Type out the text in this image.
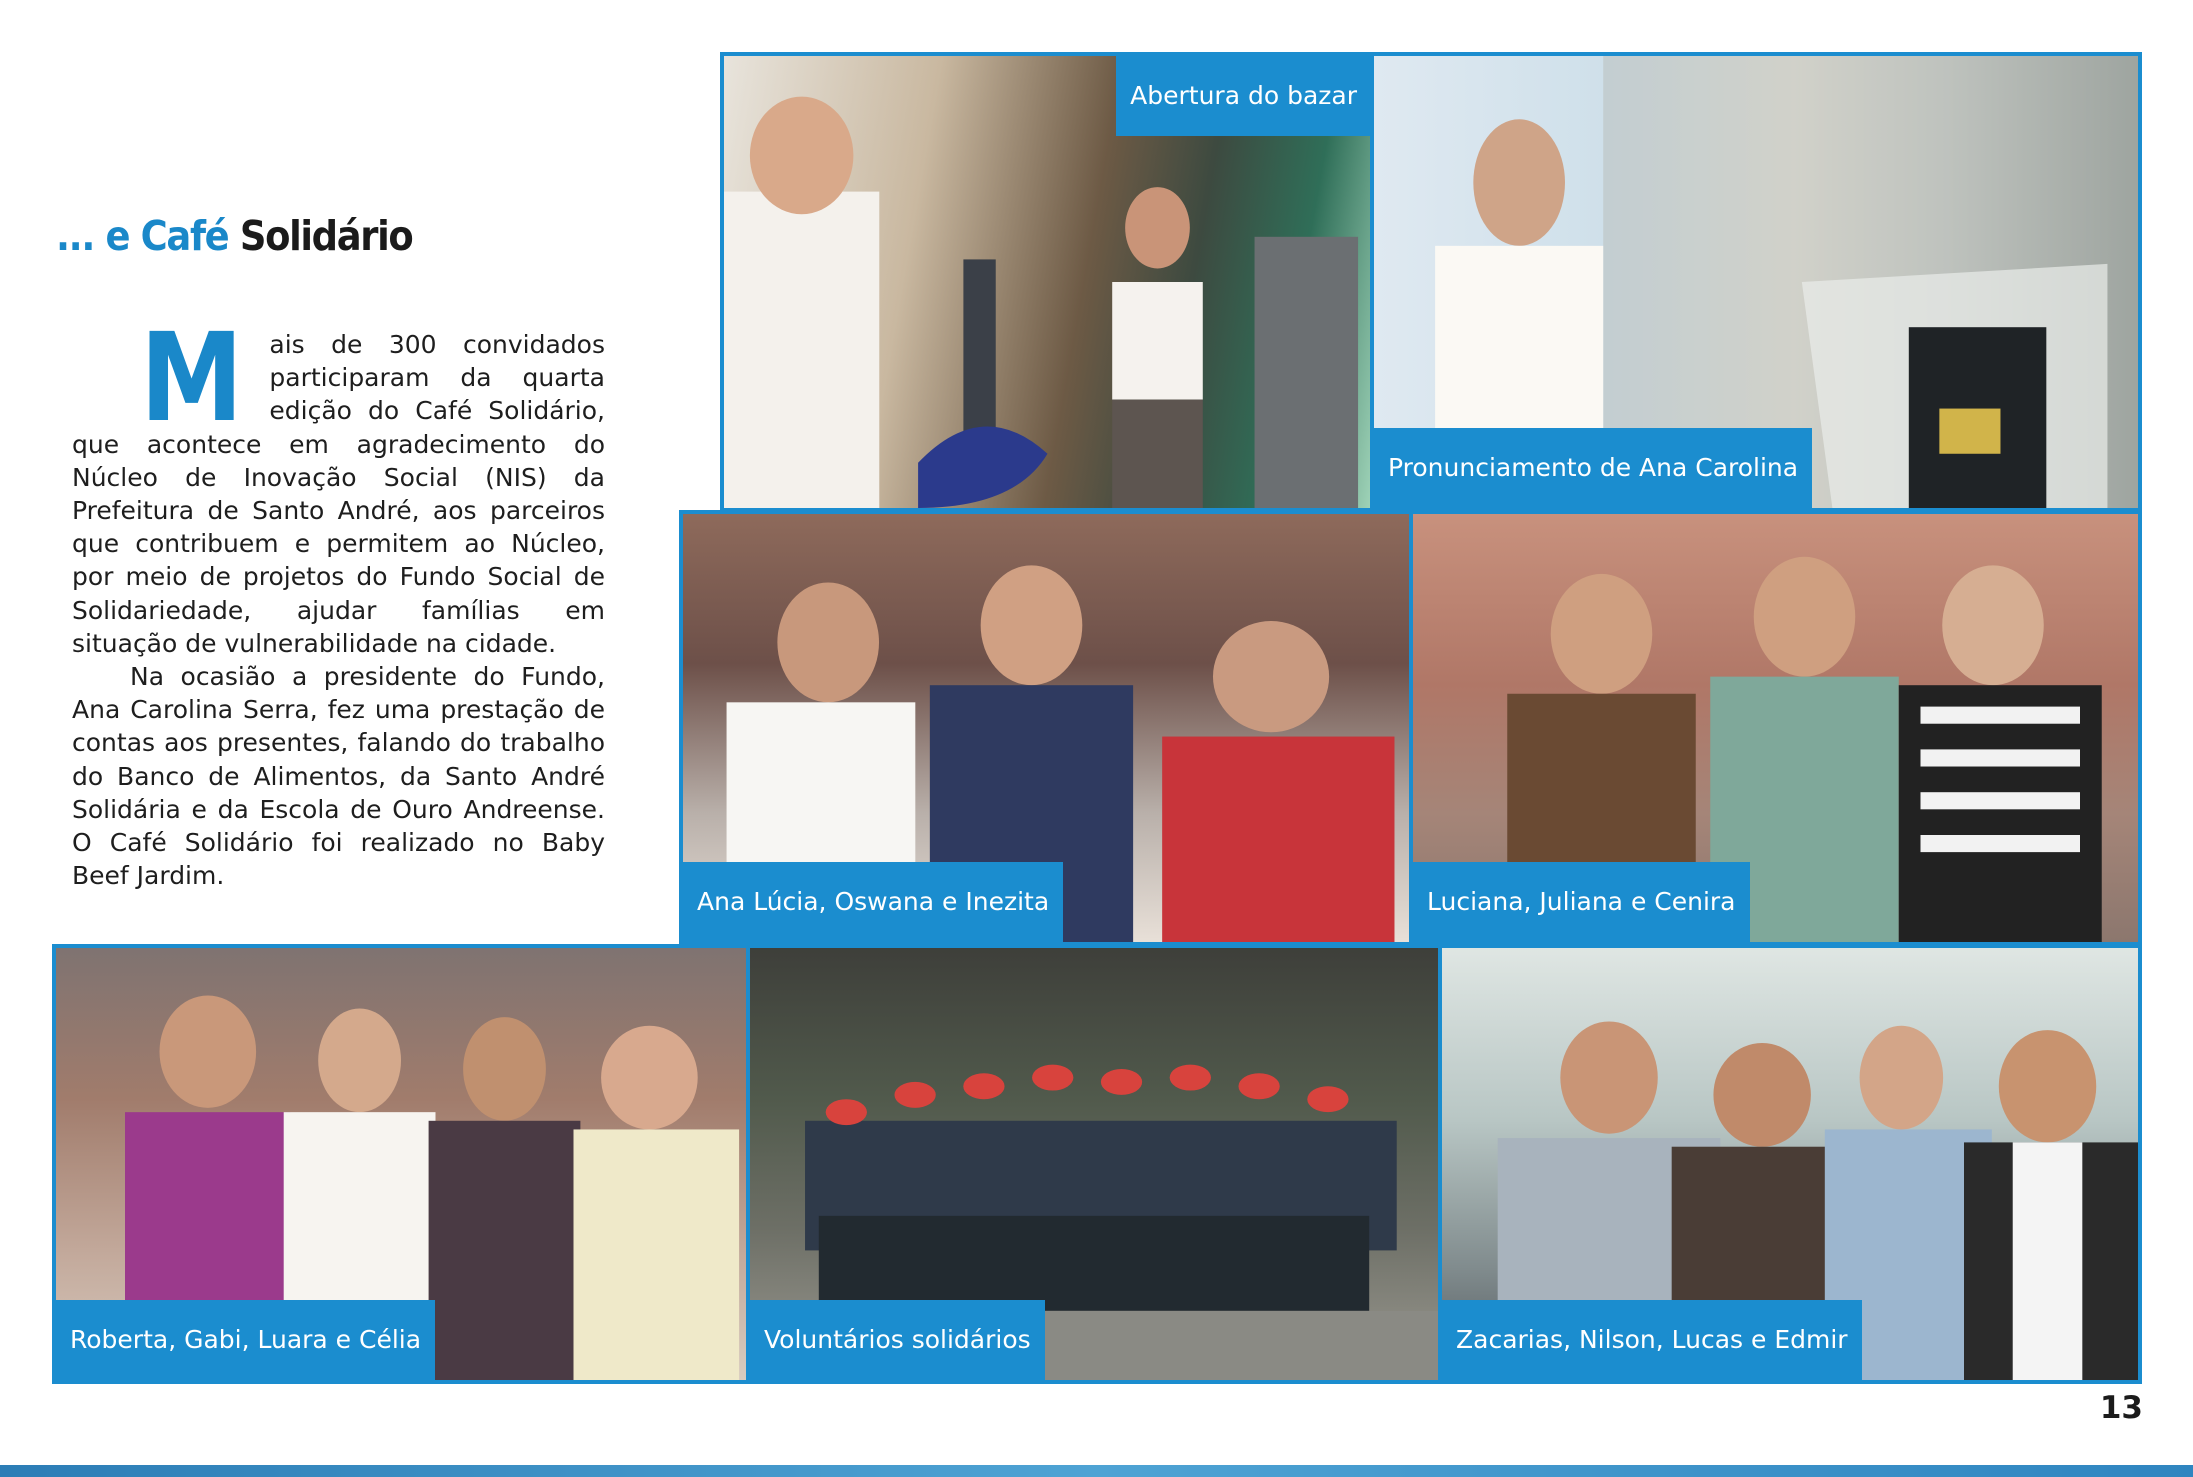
... e Café Solidário

M ais de 300 convidados participaram da quarta edição do Café Solidário, que acontece em agradecimento do Núcleo de Inovação Social (NIS) da Prefeitura de Santo André, aos parceiros que contribuem e permitem ao Núcleo, por meio de projetos do Fundo Social de Solidariedade, ajudar famílias em situação de vulnerabilidade na cidade.

Na ocasião a presidente do Fundo, Ana Carolina Serra, fez uma prestação de contas aos presentes, falando do trabalho do Banco de Alimentos, da Santo André Solidária e da Escola de Ouro Andreense. O Café Solidário foi realizado no Baby Beef Jardim.

Abertura do bazar
Pronunciamento de Ana Carolina
Ana Lúcia, Oswana e Inezita	Luciana, Juliana e Cenira
Roberta, Gabi, Luara e Célia	Voluntários solidários	Zacarias, Nilson, Lucas e Edmir
13
